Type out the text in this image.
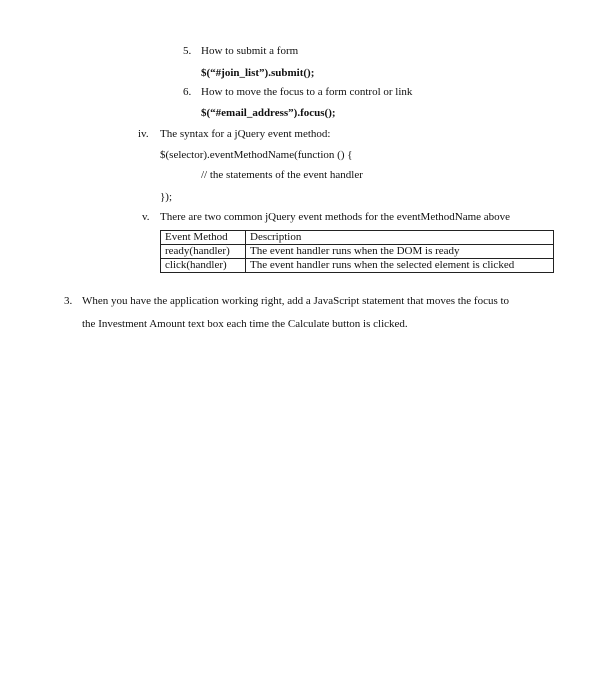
5. How to submit a form
$(“#join_list”).submit();
6. How to move the focus to a form control or link
$(“#email_address”).focus();
iv. The syntax for a jQuery event method:
$(selector).eventMethodName(function () {
// the statements of the event handler
});
v. There are two common jQuery event methods for the eventMethodName above
Event Method	Description
ready(handler)	The event handler runs when the DOM is ready
click(handler)	The event handler runs when the selected element is clicked
3. When you have the application working right, add a JavaScript statement that moves the focus to
the Investment Amount text box each time the Calculate button is clicked.
